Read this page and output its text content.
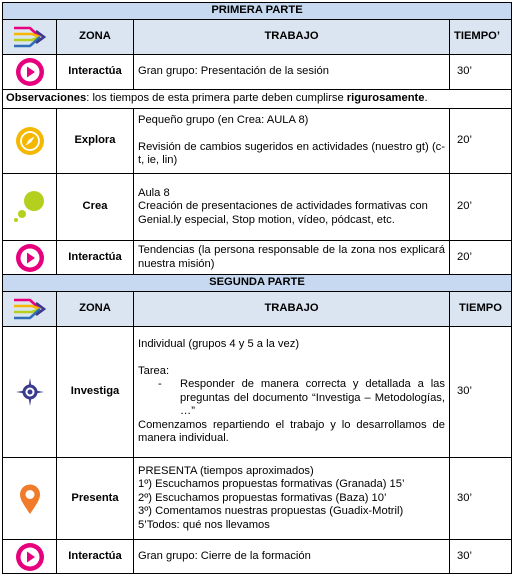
PRIMERA PARTE			

	ZONA	TRABAJO	TIEMPO’

	Interactúa	Gran grupo: Presentación de la sesión	30’
Observaciones: los tiempos de esta primera parte deben cumplirse rigurosamente.			

	Explora	Pequeño grupo (en Crea: AULA 8)
Revisión de cambios sugeridos en actividades (nuestro gt) (c-t, ie, lin)	20’

	Crea	Aula 8
Creación de presentaciones de actividades formativas con Genial.ly especial, Stop motion, vídeo, pódcast, etc.	20’

	Interactúa	Tendencias (la persona responsable de la zona nos explicará nuestra misión)	20’
SEGUNDA PARTE			

	ZONA	TRABAJO	TIEMPO

	Investiga	Individual (grupos 4 y 5 a la vez)
Tarea:
- Responder de manera correcta y detallada a las preguntas del documento “Investiga – Metodologías, …”
Comenzamos repartiendo el trabajo y lo desarrollamos de manera individual.	30’

	Presenta	PRESENTA (tiempos aproximados)
1º) Escuchamos propuestas formativas (Granada) 15’
2º) Escuchamos propuestas formativas (Baza) 10’
3º) Comentamos nuestras propuestas (Guadix-Motril)
5’Todos: qué nos llevamos	30’

	Interactúa	Gran grupo: Cierre de la formación	30’
